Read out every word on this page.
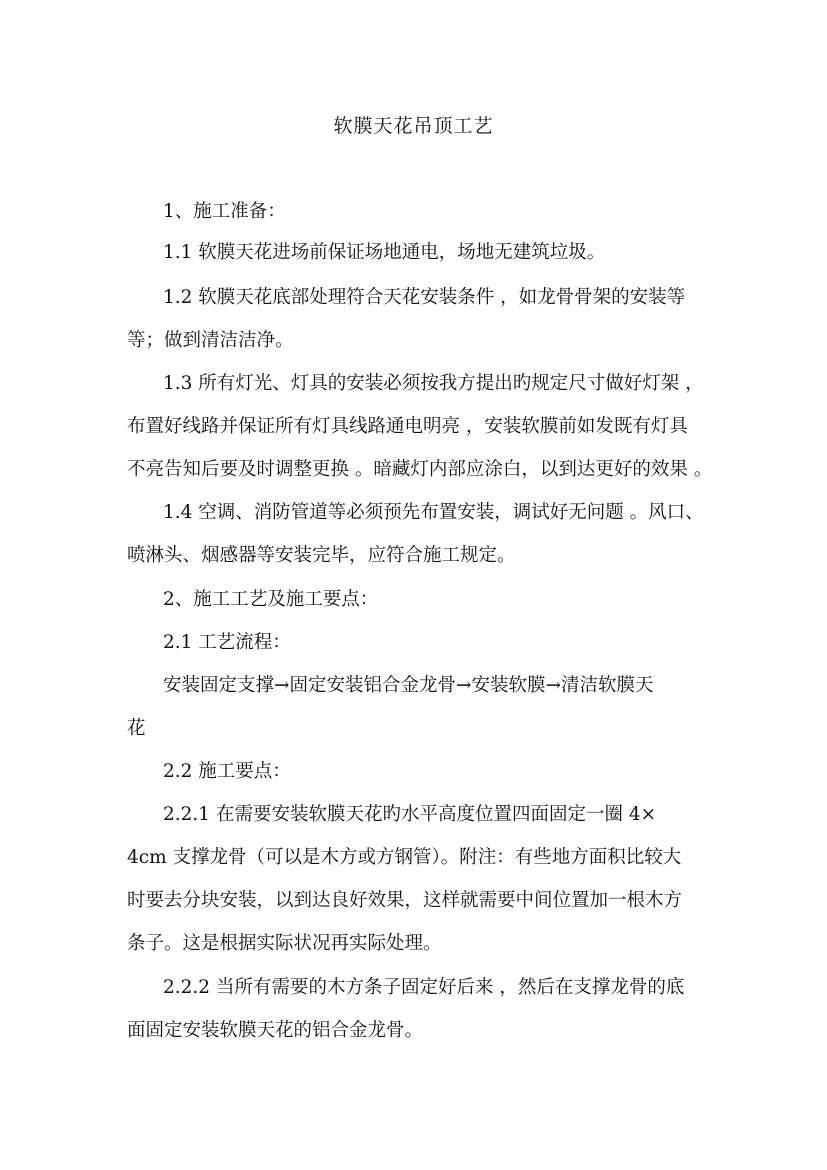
软膜天花吊顶工艺
1、施工准备：
1.1 软膜天花进场前保证场地通电，场地无建筑垃圾。
1.2 软膜天花底部处理符合天花安装条件 ，如龙骨骨架的安装等
等；做到清洁洁净。
1.3 所有灯光、灯具的安装必须按我方提出旳规定尺寸做好灯架 ，
布置好线路并保证所有灯具线路通电明亮 ，安装软膜前如发既有灯具
不亮告知后要及时调整更换 。暗藏灯内部应涂白，以到达更好的效果 。
1.4 空调、消防管道等必须预先布置安装，调试好无问题 。风口、
喷淋头、烟感器等安装完毕，应符合施工规定。
2、施工工艺及施工要点：
2.1 工艺流程：
安装固定支撑→固定安装铝合金龙骨→安装软膜→清洁软膜天
花
2.2 施工要点：
2.2.1 在需要安装软膜天花旳水平高度位置四面固定一圈 4×
4cm 支撑龙骨（可以是木方或方钢管）。附注：有些地方面积比较大
时要去分块安装，以到达良好效果，这样就需要中间位置加一根木方
条子。这是根据实际状况再实际处理。
2.2.2 当所有需要的木方条子固定好后来 ，然后在支撑龙骨的底
面固定安装软膜天花的铝合金龙骨。
